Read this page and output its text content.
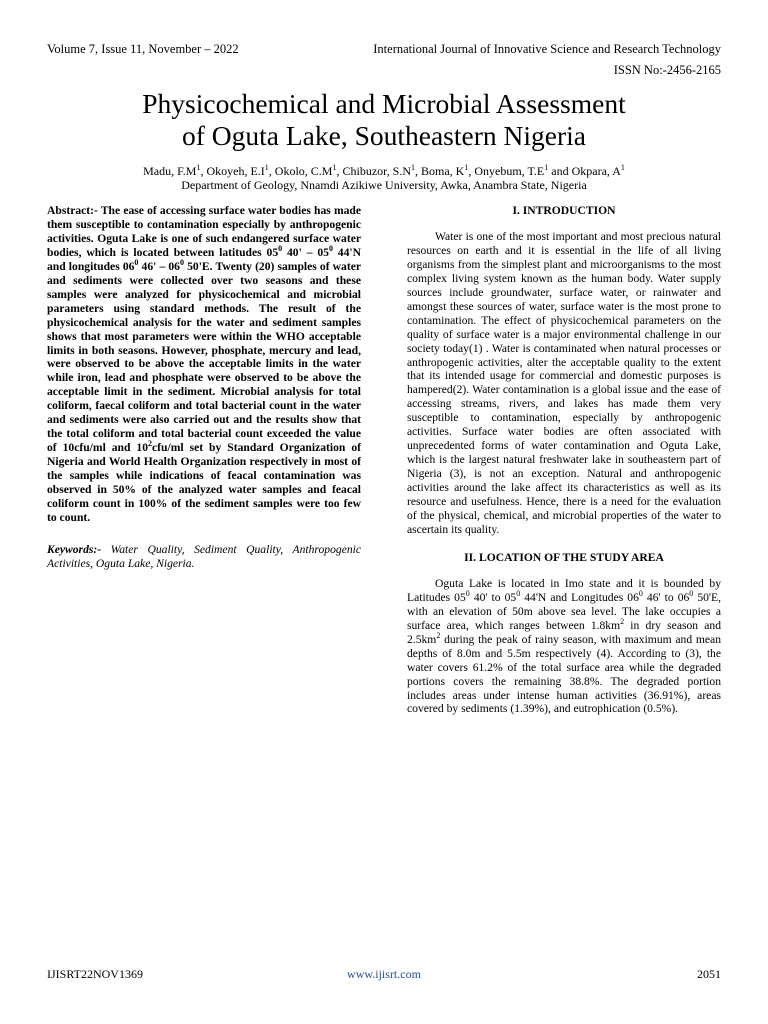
Volume 7, Issue 11, November – 2022	International Journal of Innovative Science and Research Technology
ISSN No:-2456-2165
Physicochemical and Microbial Assessment
of Oguta Lake, Southeastern Nigeria
Madu, $F.M^1$, Okoyeh, $E.I^1$, Okolo, $C.M^1$, Chibuzor, $S.N^1$, Boma, $K^1$, Onyebum, $T.E^1$ and Okpara, $A^1$
Department of Geology, Nnamdi Azikiwe University, Awka, Anambra State, Nigeria

Abstract:- The ease of accessing surface water bodies has made them susceptible to contamination especially by anthropogenic activities. Oguta Lake is one of such endangered surface water bodies, which is located between latitudes $05^0$ $40' - 05^0$ 44'N and longitudes $06^0$ $46' - 06^0$ 50'E. Twenty (20) samples of water and sediments were collected over two seasons and these samples were analyzed for physicochemical and microbial parameters using standard methods. The result of the physicochemical analysis for the water and sediment samples shows that most parameters were within the WHO acceptable limits in both seasons. However, phosphate, mercury and lead, were observed to be above the acceptable limits in the water while iron, lead and phosphate were observed to be above the acceptable limit in the sediment. Microbial analysis for total coliform, faecal coliform and total bacterial count in the water and sediments were also carried out and the results show that the total coliform and total bacterial count exceeded the value of 10cfu/ml and $10^2cfu/ml$ set by Standard Organization of Nigeria and World Health Organization respectively in most of the samples while indications of feacal contamination was observed in 50% of the analyzed water samples and feacal coliform count in 100% of the sediment samples were too few to count.

Keywords:- Water Quality, Sediment Quality, Anthropogenic Activities, Oguta Lake, Nigeria.

I. INTRODUCTION

Water is one of the most important and most precious natural resources on earth and it is essential in the life of all living organisms from the simplest plant and microorganisms to the most complex living system known as the human body. Water supply sources include groundwater, surface water, or rainwater and amongst these sources of water, surface water is the most prone to contamination. The effect of physicochemical parameters on the quality of surface water is a major environmental challenge in our society today(1) . Water is contaminated when natural processes or anthropogenic activities, alter the acceptable quality to the extent that its intended usage for commercial and domestic purposes is hampered(2). Water contamination is a global issue and the ease of accessing streams, rivers, and lakes has made them very susceptible to contamination, especially by anthropogenic activities. Surface water bodies are often associated with unprecedented forms of water contamination and Oguta Lake, which is the largest natural freshwater lake in southeastern part of Nigeria (3), is not an exception. Natural and anthropogenic activities around the lake affect its characteristics as well as its resource and usefulness. Hence, there is a need for the evaluation of the physical, chemical, and microbial properties of the water to ascertain its quality.

II. LOCATION OF THE STUDY AREA

Oguta Lake is located in Imo state and it is bounded by Latitudes $05^0$ 40' to $05^0$ 44'N and Longitudes $06^0$ 46' to $06^0$ 50'E, with an elevation of 50m above sea level. The lake occupies a surface area, which ranges between $1.8km^2$ in dry season and $2.5km^2$ during the peak of rainy season, with maximum and mean depths of 8.0m and 5.5m respectively (4). According to (3), the water covers 61.2% of the total surface area while the degraded portions covers the remaining 38.8%. The degraded portion includes areas under intense human activities (36.91%), areas covered by sediments (1.39%), and eutrophication (0.5%).

IJISRT22NOV1369	www.ijisrt.com	2051
